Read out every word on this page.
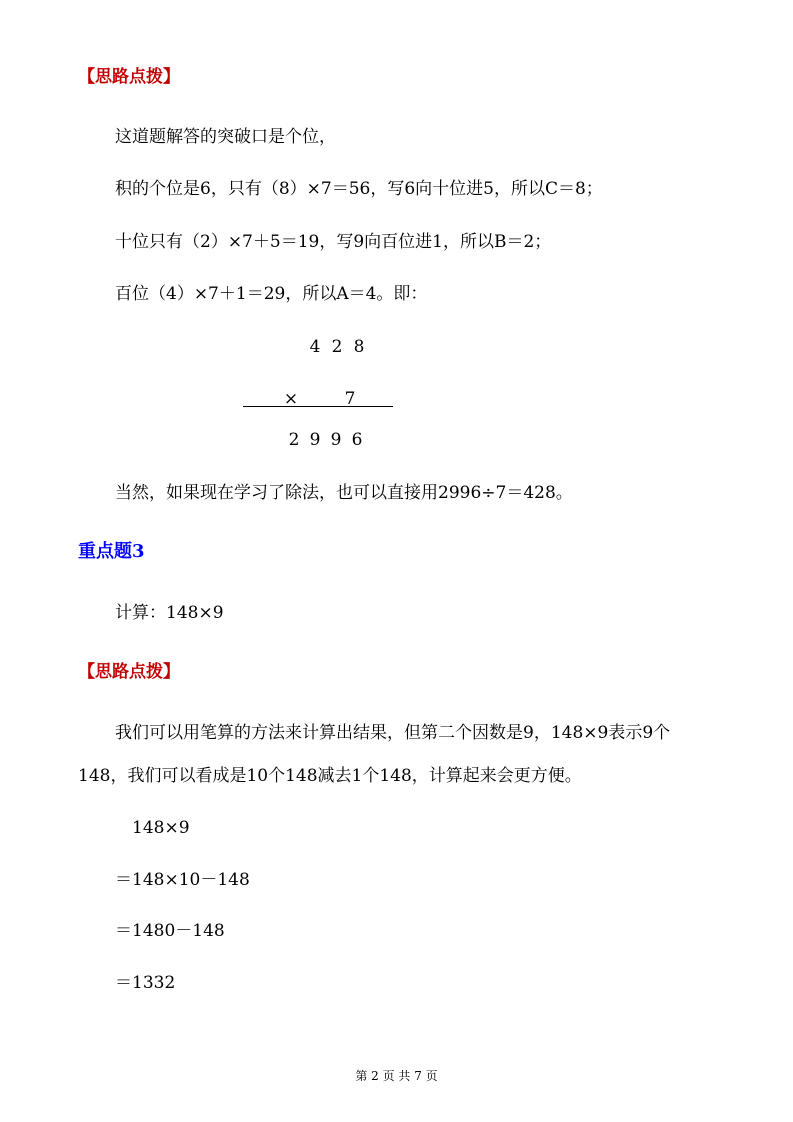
【思路点拨】
这道题解答的突破口是个位，
积的个位是6，只有（8）×7＝56，写6向十位进5，所以C＝8；
十位只有（2）×7＋5＝19，写9向百位进1，所以B＝2；
百位（4）×7＋1＝29，所以A＝4。即：
4 2 8
×	7
2 9 9 6
当然，如果现在学习了除法，也可以直接用2996÷7＝428。
重点题3
计算：148×9
【思路点拨】
我们可以用笔算的方法来计算出结果，但第二个因数是9，148×9表示9个
148，我们可以看成是10个148减去1个148，计算起来会更方便。
148×9
＝148×10－148
＝1480－148
＝1332
第 2 页 共 7 页
